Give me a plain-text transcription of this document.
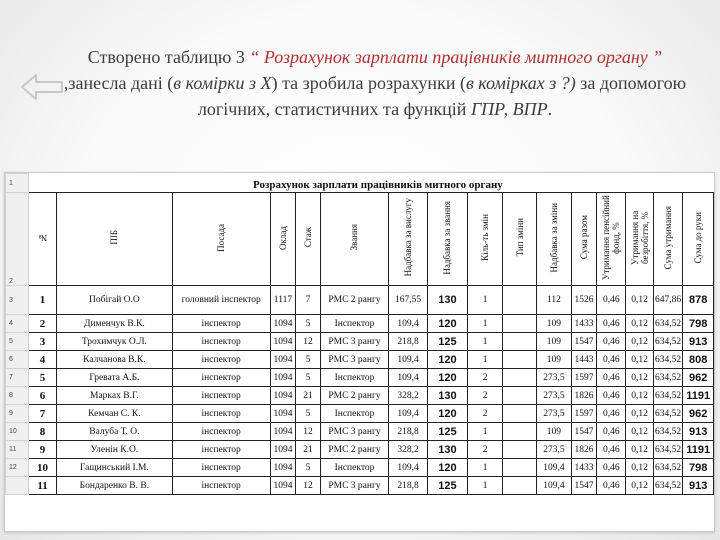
Створено таблицю 3 “ Розрахунок зарплати працівників митного органу ” ,занесла дані (в комірки з Х) та зробила розрахунки (в комірках з ?) за допомогою логічних, статистичних та функцій ГПР, ВПР.

1																
2	№	ПІБ	Посада	Оклад	Стаж	Звання	Надбавка за вислугу	Надбавка за звання	Кіль-ть змін	Тип зміни	Надбавка за зміни	Сума разом	Утримання пенсійний фонд, %	Утримання на безробіття, %	Сума утримання	Сума до руки
3	1	Побігай О.О	головний інспектор	1117	7	РМС 2 рангу	167,55	130	1		112	1526	0,46	0,12	647,86	878
4	2	Дименчук В.К.	інспектор	1094	5	Інспектор	109,4	120	1		109	1433	0,46	0,12	634,52	798
5	3	Трохимчук О.Л.	інспектор	1094	12	РМС 3 рангу	218,8	125	1		109	1547	0,46	0,12	634,52	913
6	4	Калчанова В.К.	інспектор	1094	5	РМС 3 рангу	109,4	120	1		109	1443	0,46	0,12	634,52	808
7	5	Гревата А.Б.	інспектор	1094	5	Інспектор	109,4	120	2		273,5	1597	0,46	0,12	634,52	962
8	6	Марках В.Г.	інспектор	1094	21	РМС 2 рангу	328,2	130	2		273,5	1826	0,46	0,12	634,52	1191
9	7	Кемчан С. К.	інспектор	1094	5	Інспектор	109,4	120	2		273,5	1597	0,46	0,12	634,52	962
10	8	Валуба Т. О.	інспектор	1094	12	РМС 3 рангу	218,8	125	1		109	1547	0,46	0,12	634,52	913
11	9	Уленін К.О.	інспектор	1094	21	РМС 2 рангу	328,2	130	2		273,5	1826	0,46	0,12	634,52	1191
12	10	Гащинський І.М.	інспектор	1094	5	Інспектор	109,4	120	1		109,4	1433	0,46	0,12	634,52	798
	11	Бондаренко В. В.	інспектор	1094	12	РМС 3 рангу	218,8	125	1		109,4	1547	0,46	0,12	634,52	913
Розрахунок зарплати працівників митного органу
